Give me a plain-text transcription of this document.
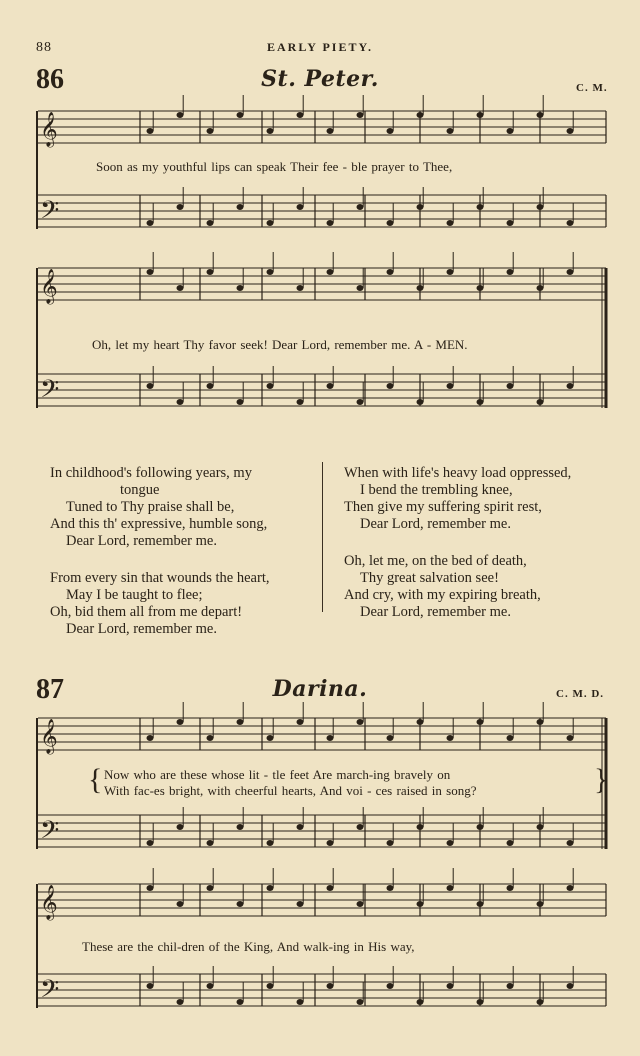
88	EARLY PIETY.
86	St. Peter.	C. M.
𝄞
𝄢
𝄞
𝄢
𝄞
𝄢
𝄞
𝄢
Soon as my youthful lips can speak Their fee - ble prayer to Thee,
Oh, let my heart Thy favor seek! Dear Lord, remember me. A - MEN.
In childhood's following years, my
tongue
Tuned to Thy praise shall be,
And this th' expressive, humble song,
Dear Lord, remember me.
From every sin that wounds the heart,
May I be taught to flee;
Oh, bid them all from me depart!
Dear Lord, remember me.
When with life's heavy load oppressed,
I bend the trembling knee,
Then give my suffering spirit rest,
Dear Lord, remember me.
Oh, let me, on the bed of death,
Thy great salvation see!
And cry, with my expiring breath,
Dear Lord, remember me.
87	Darina.	C. M. D.
{	}
Now who are these whose lit - tle feet Are march-ing bravely on
With fac-es bright, with cheerful hearts, And voi - ces raised in song?
These are the chil-dren of the King, And walk-ing in His way,
